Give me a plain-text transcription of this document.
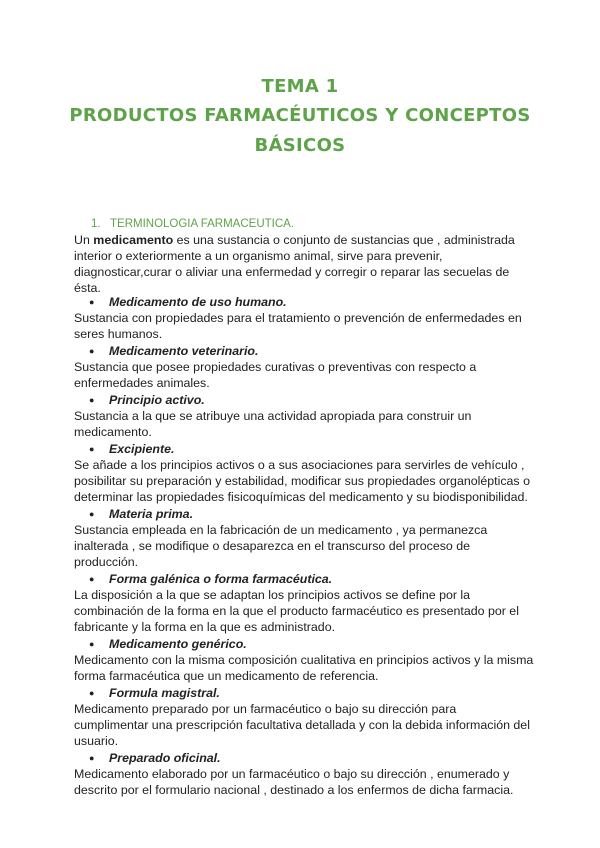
TEMA 1
PRODUCTOS FARMACÉUTICOS Y CONCEPTOS
BÁSICOS
1. TERMINOLOGIA FARMACEUTICA.
Un medicamento es una sustancia o conjunto de sustancias que , administrada interior o exteriormente a un organismo animal, sirve para prevenir, diagnosticar,curar o aliviar una enfermedad y corregir o reparar las secuelas de ésta.
● Medicamento de uso humano.
Sustancia con propiedades para el tratamiento o prevención de enfermedades en seres humanos.
● Medicamento veterinario.
Sustancia que posee propiedades curativas o preventivas con respecto a enfermedades animales.
● Principio activo.
Sustancia a la que se atribuye una actividad apropiada para construir un medicamento.
● Excipiente.
Se añade a los principios activos o a sus asociaciones para servirles de vehículo , posibilitar su preparación y estabilidad, modificar sus propiedades organolépticas o determinar las propiedades fisicoquímicas del medicamento y su biodisponibilidad.
● Materia prima.
Sustancia empleada en la fabricación de un medicamento , ya permanezca inalterada , se modifique o desaparezca en el transcurso del proceso de producción.
● Forma galénica o forma farmacéutica.
La disposición a la que se adaptan los principios activos se define por la combinación de la forma en la que el producto farmacéutico es presentado por el fabricante y la forma en la que es administrado.
● Medicamento genérico.
Medicamento con la misma composición cualitativa en principios activos y la misma forma farmacéutica que un medicamento de referencia.
● Formula magistral.
Medicamento preparado por un farmacéutico o bajo su dirección para cumplimentar una prescripción facultativa detallada y con la debida información del usuario.
● Preparado oficinal.
Medicamento elaborado por un farmacéutico o bajo su dirección , enumerado y descrito por el formulario nacional , destinado a los enfermos de dicha farmacia.
